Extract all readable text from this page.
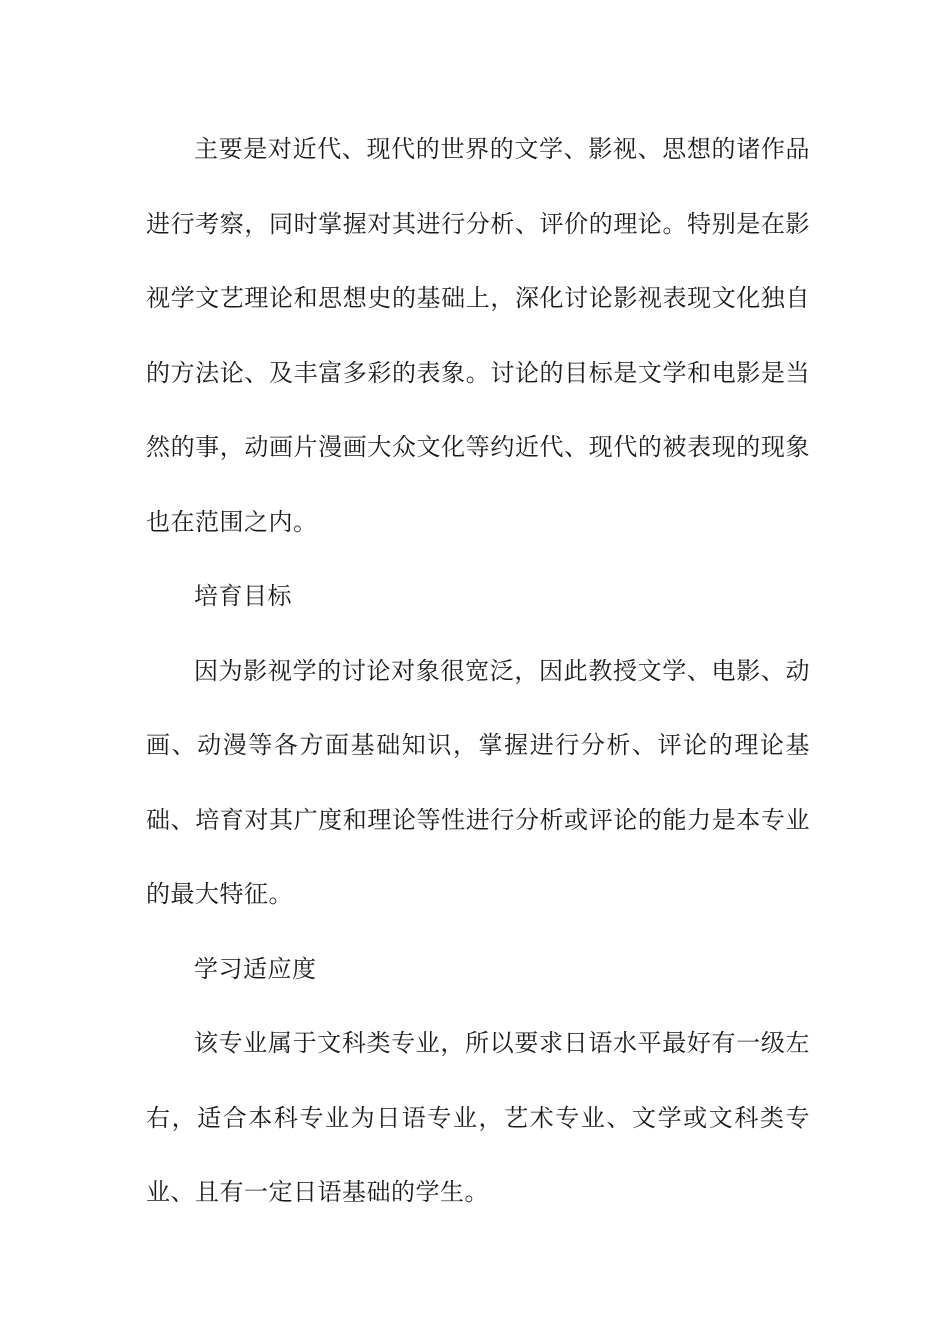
主要是对近代、现代的世界的文学、影视、思想的诸作品进行考察，同时掌握对其进行分析、评价的理论。特别是在影视学文艺理论和思想史的基础上，深化讨论影视表现文化独自的方法论、及丰富多彩的表象。讨论的目标是文学和电影是当然的事，动画片漫画大众文化等约近代、现代的被表现的现象也在范围之内。

培育目标

因为影视学的讨论对象很宽泛，因此教授文学、电影、动画、动漫等各方面基础知识，掌握进行分析、评论的理论基础、培育对其广度和理论等性进行分析或评论的能力是本专业的最大特征。

学习适应度

该专业属于文科类专业，所以要求日语水平最好有一级左右，适合本科专业为日语专业，艺术专业、文学或文科类专业、且有一定日语基础的学生。
